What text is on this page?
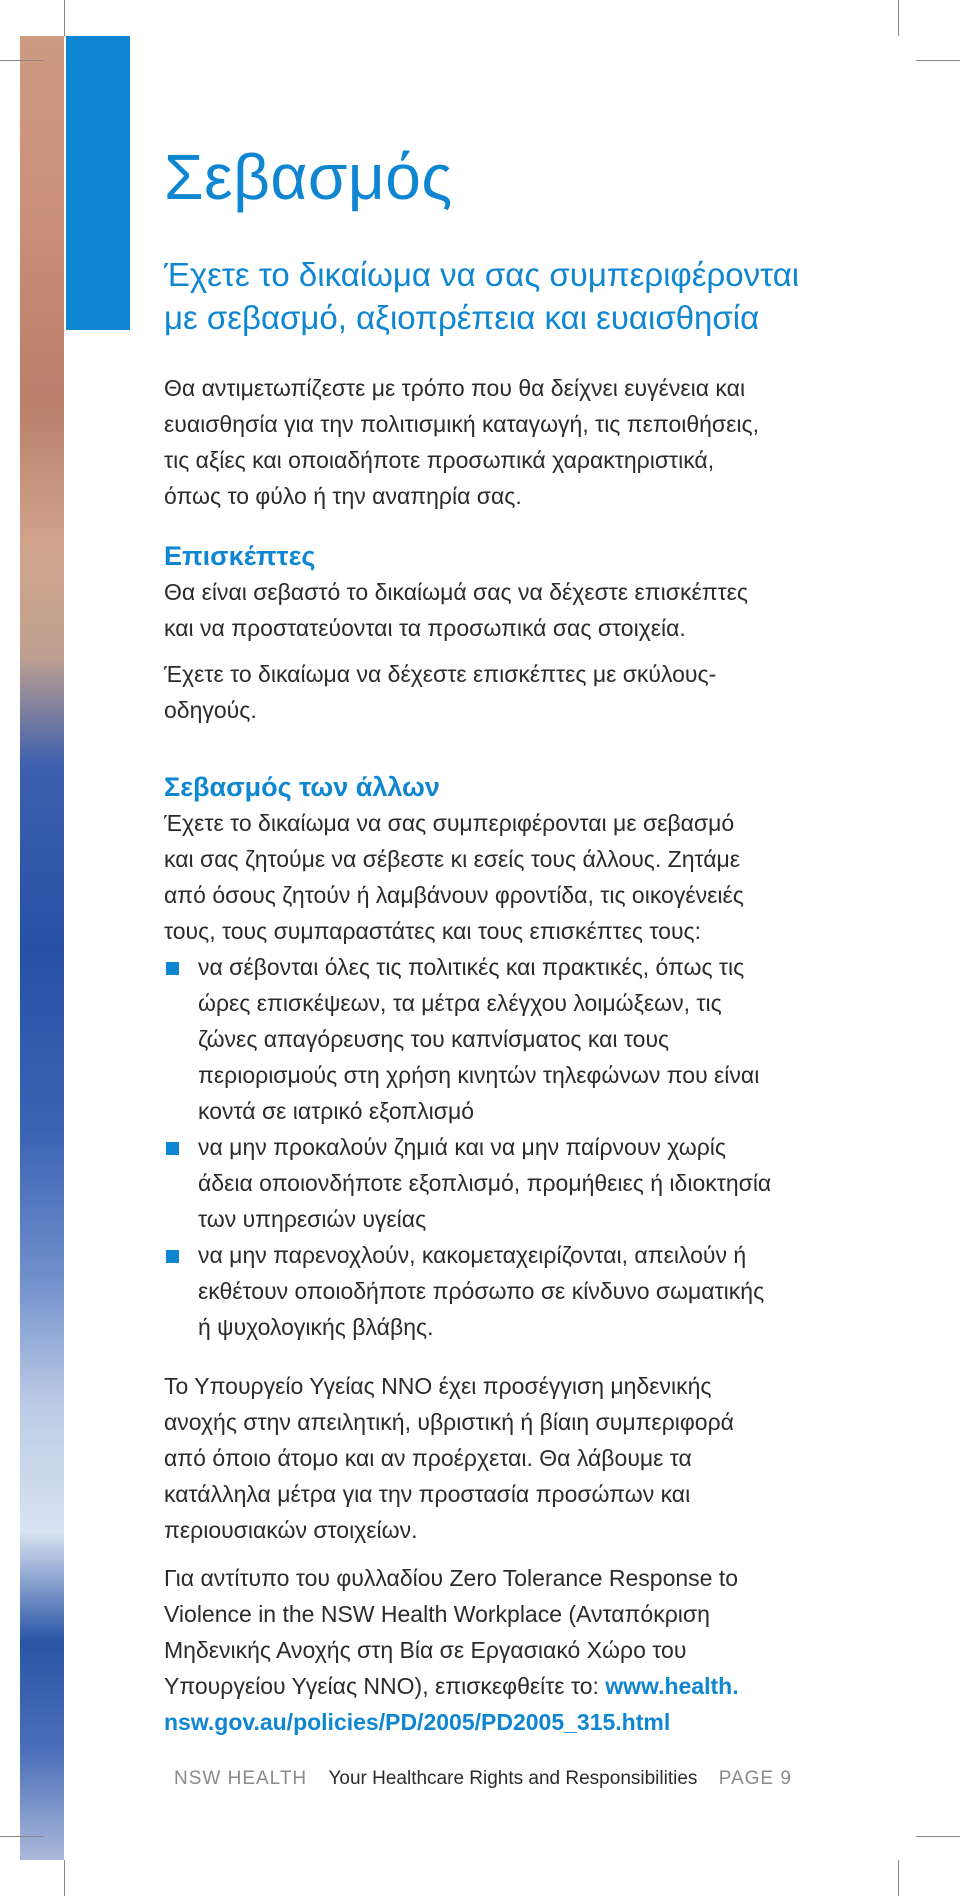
Σεβασμός
Έχετε το δικαίωμα να σας συμπεριφέρονται
με σεβασμό, αξιοπρέπεια και ευαισθησία

Θα αντιμετωπίζεστε με τρόπο που θα δείχνει ευγένεια και
ευαισθησία για την πολιτισμική καταγωγή, τις πεποιθήσεις,
τις αξίες και οποιαδήποτε προσωπικά χαρακτηριστικά,
όπως το φύλο ή την αναπηρία σας.

Επισκέπτες

Θα είναι σεβαστό το δικαίωμά σας να δέχεστε επισκέπτες
και να προστατεύονται τα προσωπικά σας στοιχεία.

Έχετε το δικαίωμα να δέχεστε επισκέπτες με σκύλους-
οδηγούς.

Σεβασμός των άλλων

Έχετε το δικαίωμα να σας συμπεριφέρονται με σεβασμό
και σας ζητούμε να σέβεστε κι εσείς τους άλλους. Ζητάμε
από όσους ζητούν ή λαμβάνουν φροντίδα, τις οικογένειές
τους, τους συμπαραστάτες και τους επισκέπτες τους:

να σέβονται όλες τις πολιτικές και πρακτικές, όπως τις
ώρες επισκέψεων, τα μέτρα ελέγχου λοιμώξεων, τις
ζώνες απαγόρευσης του καπνίσματος και τους
περιορισμούς στη χρήση κινητών τηλεφώνων που είναι
κοντά σε ιατρικό εξοπλισμό
να μην προκαλούν ζημιά και να μην παίρνουν χωρίς
άδεια οποιονδήποτε εξοπλισμό, προμήθειες ή ιδιοκτησία
των υπηρεσιών υγείας
να μην παρενοχλούν, κακομεταχειρίζονται, απειλούν ή
εκθέτουν οποιοδήποτε πρόσωπο σε κίνδυνο σωματικής
ή ψυχολογικής βλάβης.

Το Υπουργείο Υγείας ΝΝΟ έχει προσέγγιση μηδενικής
ανοχής στην απειλητική, υβριστική ή βίαιη συμπεριφορά
από όποιο άτομο και αν προέρχεται. Θα λάβουμε τα
κατάλληλα μέτρα για την προστασία προσώπων και
περιουσιακών στοιχείων.

Για αντίτυπο του φυλλαδίου Zero Tolerance Response to
Violence in the NSW Health Workplace (Ανταπόκριση
Μηδενικής Ανοχής στη Βία σε Εργασιακό Χώρο του
Υπουργείου Υγείας ΝΝΟ), επισκεφθείτε το: www.health.
nsw.gov.au/policies/PD/2005/PD2005_315.html

NSW HEALTH Your Healthcare Rights and Responsibilities PAGE 9
